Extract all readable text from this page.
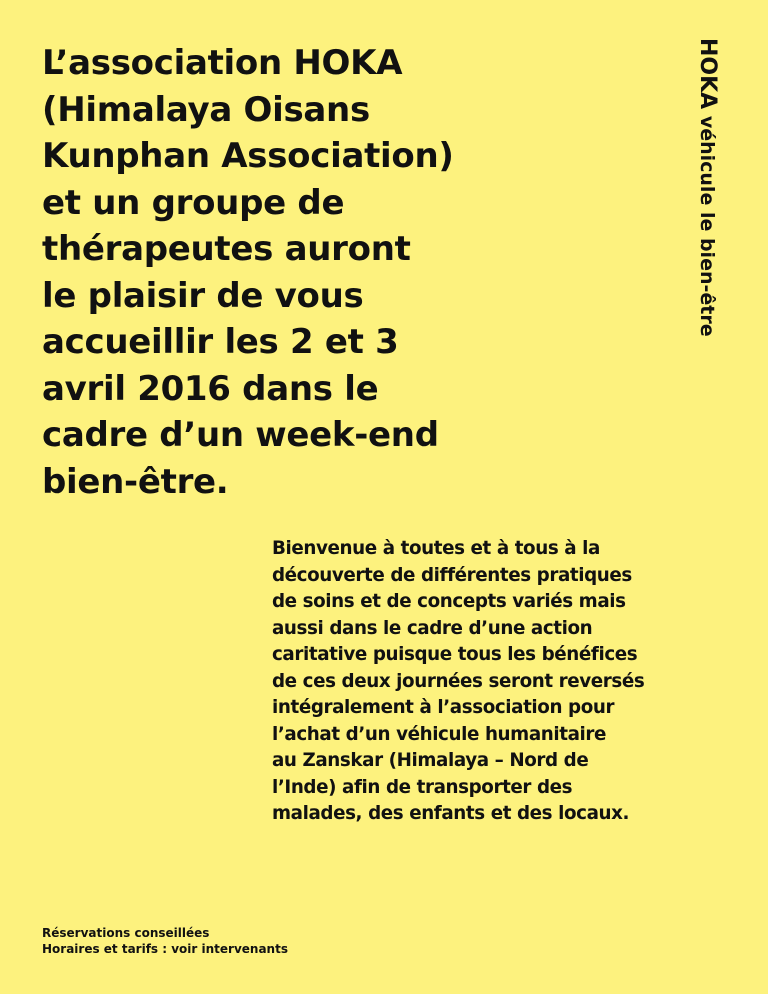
L’association HOKA
(Himalaya Oisans
Kunphan Association)
et un groupe de
thérapeutes auront
le plaisir de vous
accueillir les 2 et 3
avril 2016 dans le
cadre d’un week-end
bien-être.
HOKA véhicule le bien-être
Bienvenue à toutes et à tous à la
découverte de différentes pratiques
de soins et de concepts variés mais
aussi dans le cadre d’une action
caritative puisque tous les bénéfices
de ces deux journées seront reversés
intégralement à l’association pour
l’achat d’un véhicule humanitaire
au Zanskar (Himalaya – Nord de
l’Inde) afin de transporter des
malades, des enfants et des locaux.
Réservations conseillées
Horaires et tarifs : voir intervenants
